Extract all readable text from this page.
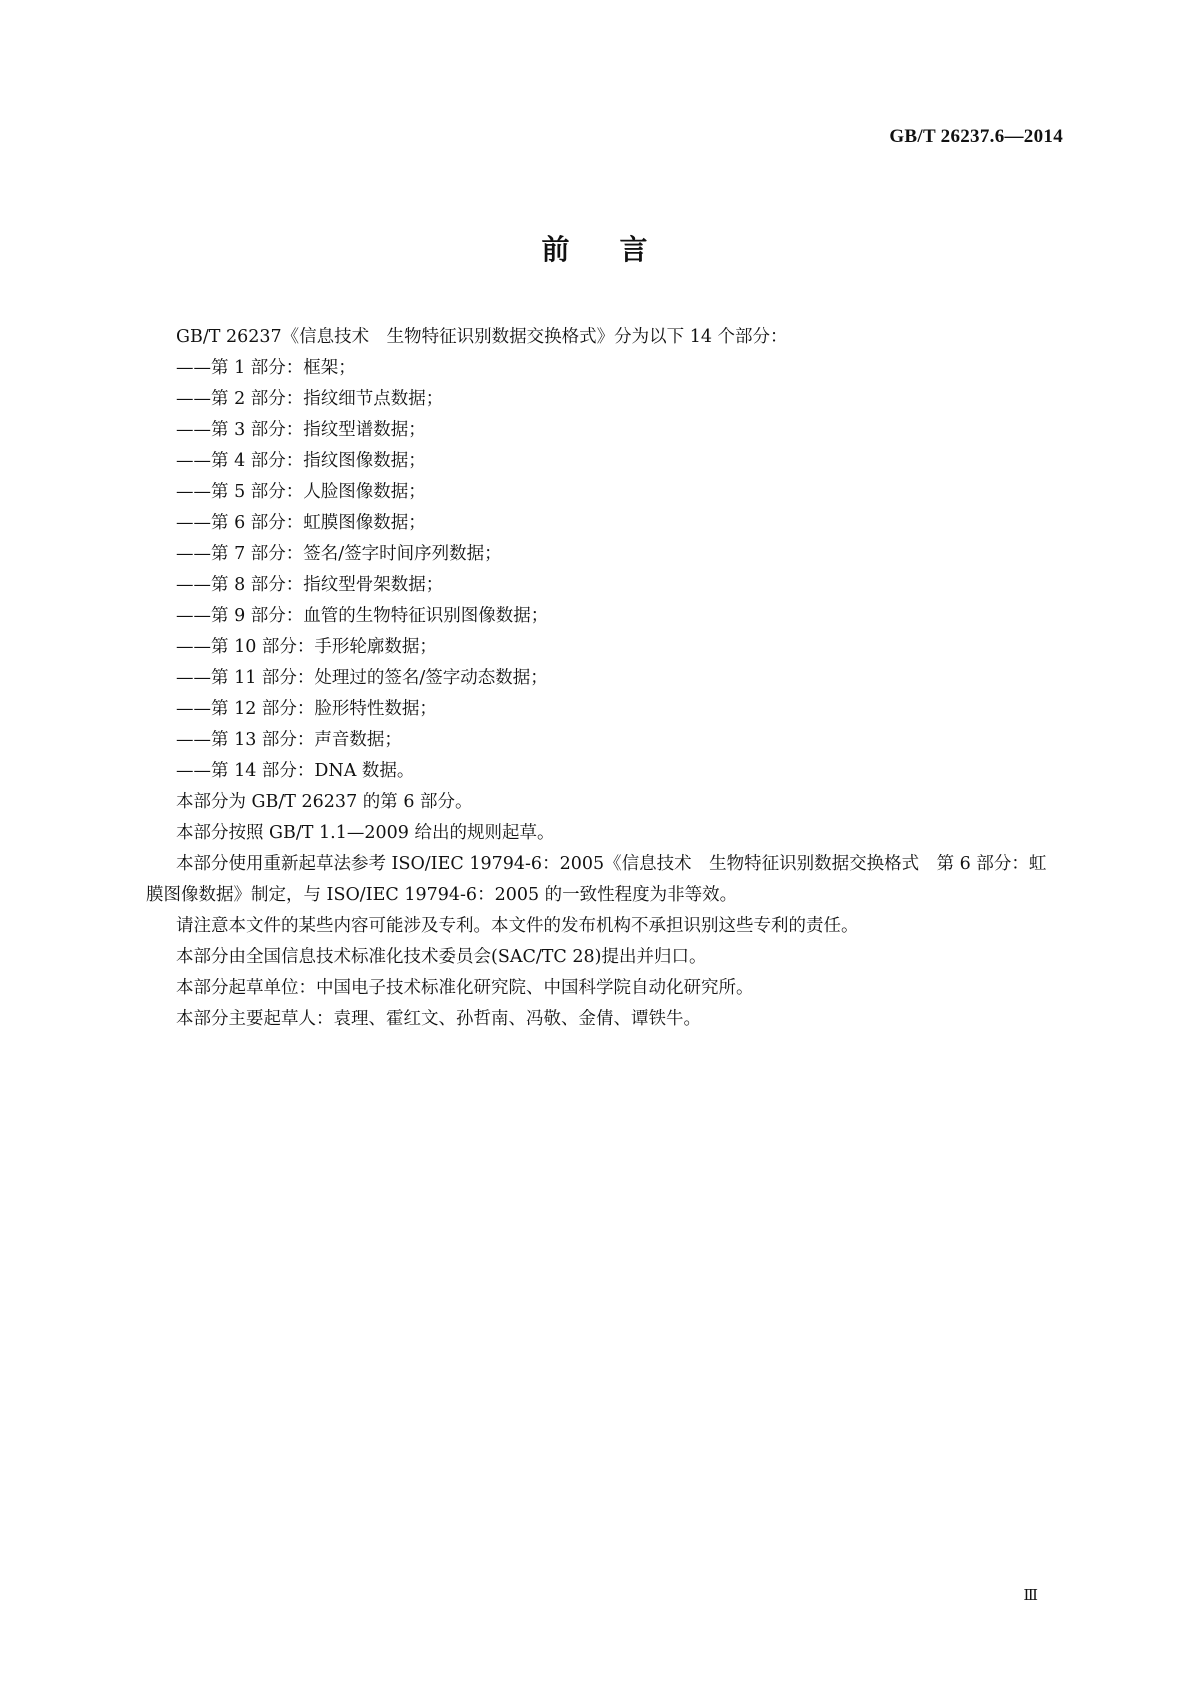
GB/T 26237.6—2014
前 言

GB/T 26237《信息技术　生物特征识别数据交换格式》分为以下 14 个部分：

——第 1 部分：框架；

——第 2 部分：指纹细节点数据；

——第 3 部分：指纹型谱数据；

——第 4 部分：指纹图像数据；

——第 5 部分：人脸图像数据；

——第 6 部分：虹膜图像数据；

——第 7 部分：签名/签字时间序列数据；

——第 8 部分：指纹型骨架数据；

——第 9 部分：血管的生物特征识别图像数据；

——第 10 部分：手形轮廓数据；

——第 11 部分：处理过的签名/签字动态数据；

——第 12 部分：脸形特性数据；

——第 13 部分：声音数据；

——第 14 部分：DNA 数据。

本部分为 GB/T 26237 的第 6 部分。

本部分按照 GB/T 1.1—2009 给出的规则起草。

本部分使用重新起草法参考 ISO/IEC 19794-6：2005《信息技术　生物特征识别数据交换格式　第 6 部分：虹膜图像数据》制定，与 ISO/IEC 19794-6：2005 的一致性程度为非等效。

请注意本文件的某些内容可能涉及专利。本文件的发布机构不承担识别这些专利的责任。

本部分由全国信息技术标准化技术委员会(SAC/TC 28)提出并归口。

本部分起草单位：中国电子技术标准化研究院、中国科学院自动化研究所。

本部分主要起草人：袁理、霍红文、孙哲南、冯敬、金倩、谭铁牛。

Ⅲ
